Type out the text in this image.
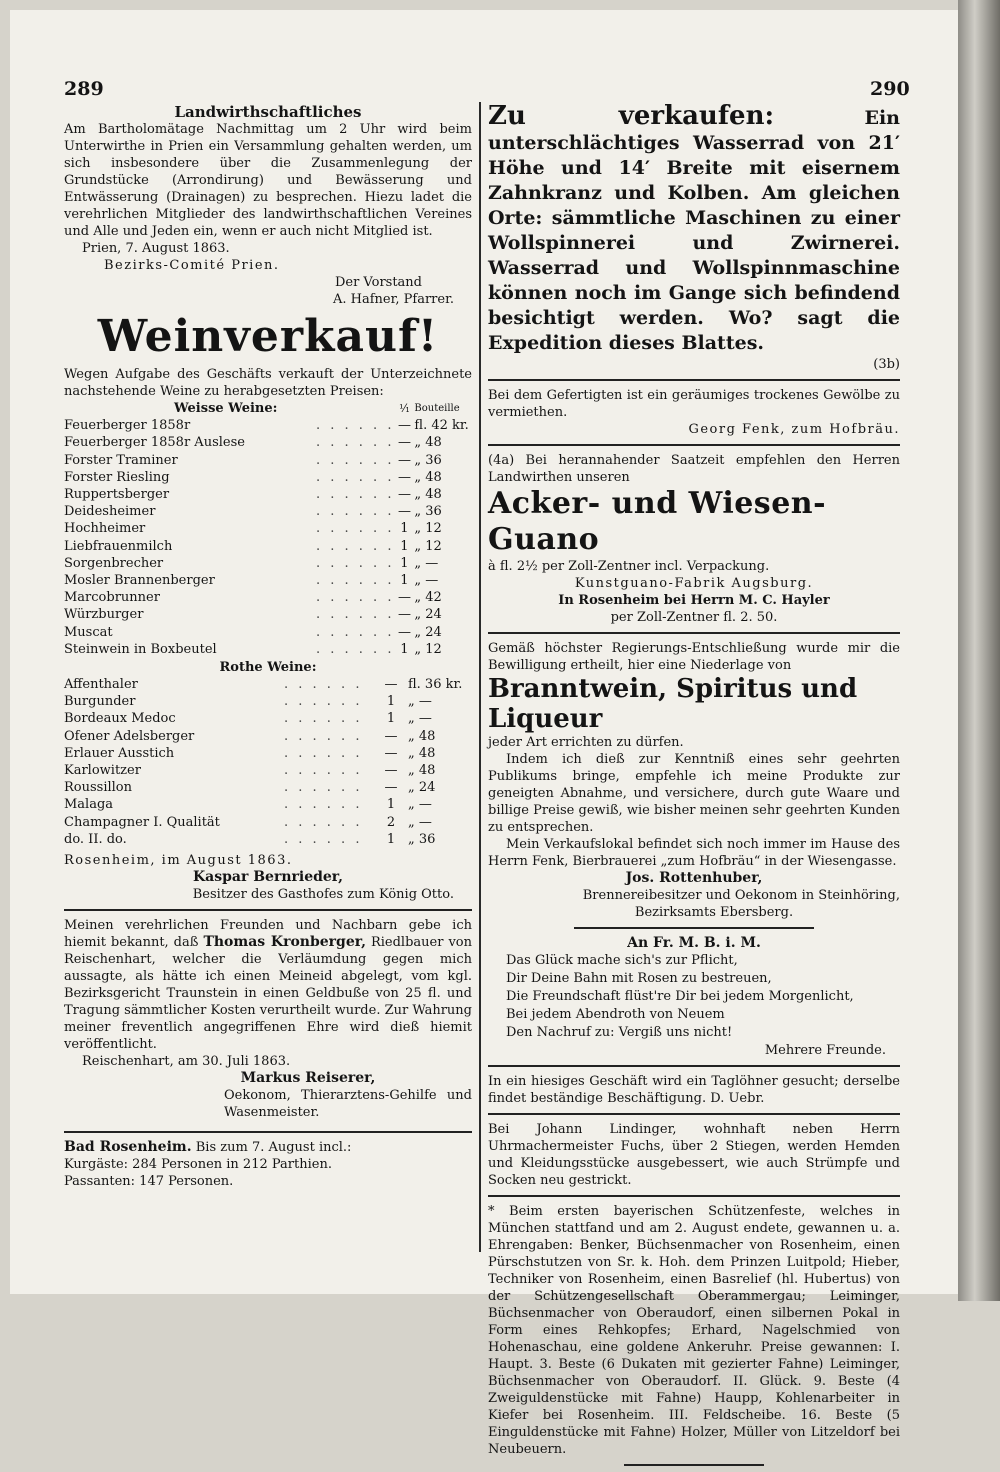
289	290
Landwirthschaftliches
Am Bartholomätage Nachmittag um 2 Uhr wird beim Unterwirthe in Prien ein Versammlung gehalten werden, um sich insbesondere über die Zusammenlegung der Grundstücke (Arrondirung) und Bewässerung und Entwässerung (Drainagen) zu besprechen. Hiezu ladet die verehrlichen Mitglieder des landwirthschaftlichen Vereines und Alle und Jeden ein, wenn er auch nicht Mitglied ist.
Prien, 7. August 1863.
Bezirks-Comité Prien.
Der Vorstand
A. Hafner, Pfarrer.
Weinverkauf!
Wegen Aufgabe des Geschäfts verkauft der Unterzeichnete nachstehende Weine zu herabgesetzten Preisen:
Weisse Weine:		¹⁄₁	Bouteille
Feuerberger 1858r	. . . . . .	—	fl. 42 kr.
Feuerberger 1858r Auslese	. . . . . .	—	„ 48
Forster Traminer	. . . . . .	—	„ 36
Forster Riesling	. . . . . .	—	„ 48
Ruppertsberger	. . . . . .	—	„ 48
Deidesheimer	. . . . . .	—	„ 36
Hochheimer	. . . . . .	1	„ 12
Liebfrauenmilch	. . . . . .	1	„ 12
Sorgenbrecher	. . . . . .	1	„ —
Mosler Brannenberger	. . . . . .	1	„ —
Marcobrunner	. . . . . .	—	„ 42
Würzburger	. . . . . .	—	„ 24
Muscat	. . . . . .	—	„ 24
Steinwein in Boxbeutel	. . . . . .	1	„ 12
Rothe Weine:
Affenthaler	. . . . . .	—	fl. 36 kr.
Burgunder	. . . . . .	1	„ —
Bordeaux Medoc	. . . . . .	1	„ —
Ofener Adelsberger	. . . . . .	—	„ 48
Erlauer Ausstich	. . . . . .	—	„ 48
Karlowitzer	. . . . . .	—	„ 48
Roussillon	. . . . . .	—	„ 24
Malaga	. . . . . .	1	„ —
Champagner I. Qualität	. . . . . .	2	„ —
do. II. do.	. . . . . .	1	„ 36
Rosenheim, im August 1863.
Kaspar Bernrieder,
Besitzer des Gasthofes zum König Otto.
Meinen verehrlichen Freunden und Nachbarn gebe ich hiemit bekannt, daß Thomas Kronberger, Riedlbauer von Reischenhart, welcher die Verläumdung gegen mich aussagte, als hätte ich einen Meineid abgelegt, vom kgl. Bezirksgericht Traunstein in einen Geldbuße von 25 fl. und Tragung sämmtlicher Kosten verurtheilt wurde. Zur Wahrung meiner freventlich angegriffenen Ehre wird dieß hiemit veröffentlicht.
Reischenhart, am 30. Juli 1863.
Markus Reiserer,
Oekonom, Thierarztens-Gehilfe und Wasenmeister.
Bad Rosenheim. Bis zum 7. August incl.:
Kurgäste: 284 Personen in 212 Parthien.
Passanten: 147 Personen.
Zu verkaufen: Ein unterschlächtiges Wasserrad von 21′ Höhe und 14′ Breite mit eisernem Zahnkranz und Kolben. Am gleichen Orte: sämmtliche Maschinen zu einer Wollspinnerei und Zwirnerei. Wasserrad und Wollspinnmaschine können noch im Gange sich befindend besichtigt werden. Wo? sagt die Expedition dieses Blattes.
(3b)
Bei dem Gefertigten ist ein geräumiges trockenes Gewölbe zu vermiethen.
Georg Fenk, zum Hofbräu.
(4a) Bei herannahender Saatzeit empfehlen den Herren Landwirthen unseren
Acker- und Wiesen-Guano
à fl. 2½ per Zoll-Zentner incl. Verpackung.
Kunstguano-Fabrik Augsburg.
In Rosenheim bei Herrn M. C. Hayler
per Zoll-Zentner fl. 2. 50.
Gemäß höchster Regierungs-Entschließung wurde mir die Bewilligung ertheilt, hier eine Niederlage von
Branntwein, Spiritus und Liqueur
jeder Art errichten zu dürfen.
Indem ich dieß zur Kenntniß eines sehr geehrten Publikums bringe, empfehle ich meine Produkte zur geneigten Abnahme, und versichere, durch gute Waare und billige Preise gewiß, wie bisher meinen sehr geehrten Kunden zu entsprechen.
Mein Verkaufslokal befindet sich noch immer im Hause des Herrn Fenk, Bierbrauerei „zum Hofbräu“ in der Wiesengasse.
Jos. Rottenhuber,
Brennereibesitzer und Oekonom in Steinhöring,
Bezirksamts Ebersberg.
An Fr. M. B. i. M.
Das Glück mache sich's zur Pflicht,
Dir Deine Bahn mit Rosen zu bestreuen,
Die Freundschaft flüst're Dir bei jedem Morgenlicht,
Bei jedem Abendroth von Neuem
Den Nachruf zu: Vergiß uns nicht!
Mehrere Freunde.
In ein hiesiges Geschäft wird ein Taglöhner gesucht; derselbe findet beständige Beschäftigung. D. Uebr.
Bei Johann Lindinger, wohnhaft neben Herrn Uhrmachermeister Fuchs, über 2 Stiegen, werden Hemden und Kleidungsstücke ausgebessert, wie auch Strümpfe und Socken neu gestrickt.
* Beim ersten bayerischen Schützenfeste, welches in München stattfand und am 2. August endete, gewannen u. a. Ehrengaben: Benker, Büchsenmacher von Rosenheim, einen Pürschstutzen von Sr. k. Hoh. dem Prinzen Luitpold; Hieber, Techniker von Rosenheim, einen Basrelief (hl. Hubertus) von der Schützengesellschaft Oberammergau; Leiminger, Büchsenmacher von Oberaudorf, einen silbernen Pokal in Form eines Rehkopfes; Erhard, Nagelschmied von Hohenaschau, eine goldene Ankeruhr. Preise gewannen: I. Haupt. 3. Beste (6 Dukaten mit gezierter Fahne) Leiminger, Büchsenmacher von Oberaudorf. II. Glück. 9. Beste (4 Zweiguldenstücke mit Fahne) Haupp, Kohlenarbeiter in Kiefer bei Rosenheim. III. Feldscheibe. 16. Beste (5 Einguldenstücke mit Fahne) Holzer, Müller von Litzeldorf bei Neubeuern.
